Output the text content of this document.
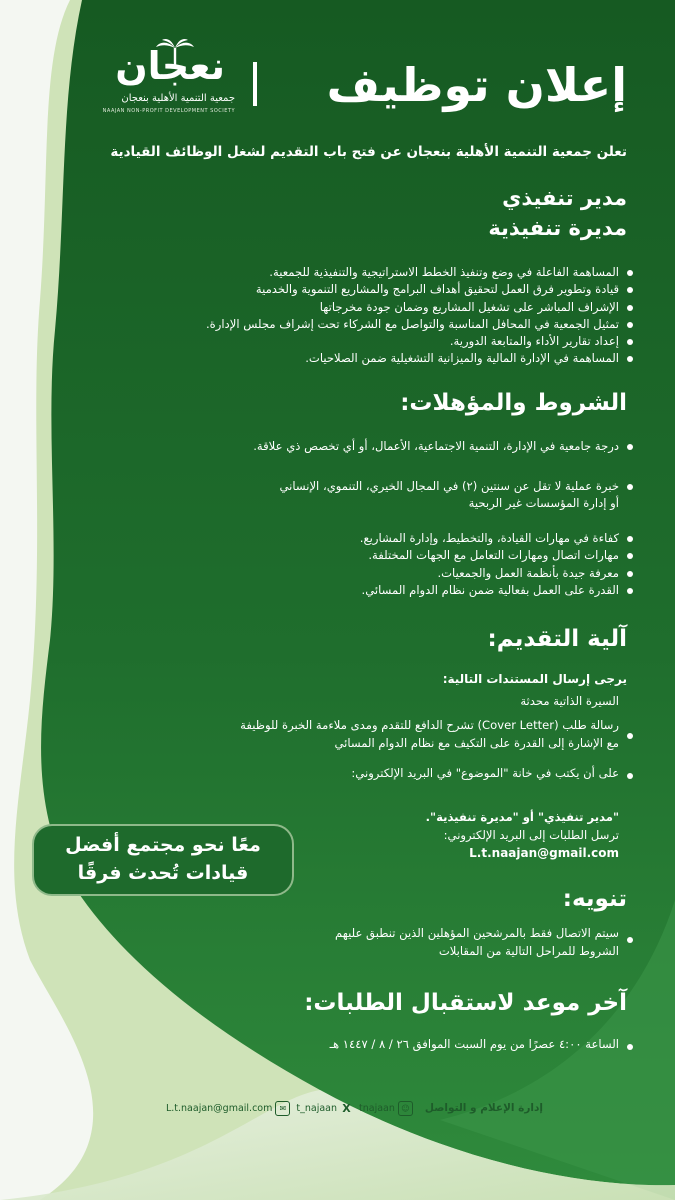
إعلان توظيف
نعجان
جمعية التنمية الأهلية بنعجان
NAAJAN NON-PROFIT DEVELOPMENT SOCIETY
تعلن جمعية التنمية الأهلية بنعجان عن فتح باب التقديم لشغل الوظائف القيادية
مدير تنفيذي
مديرة تنفيذية
المساهمة الفاعلة في وضع وتنفيذ الخطط الاستراتيجية والتنفيذية للجمعية.
قيادة وتطوير فرق العمل لتحقيق أهداف البرامج والمشاريع التنموية والخدمية
الإشراف المباشر على تشغيل المشاريع وضمان جودة مخرجاتها
تمثيل الجمعية في المحافل المناسبة والتواصل مع الشركاء تحت إشراف مجلس الإدارة.
إعداد تقارير الأداء والمتابعة الدورية.
المساهمة في الإدارة المالية والميزانية التشغيلية ضمن الصلاحيات.
الشروط والمؤهلات:
درجة جامعية في الإدارة، التنمية الاجتماعية، الأعمال، أو أي تخصص ذي علاقة.
خبرة عملية لا تقل عن سنتين (٢) في المجال الخيري، التنموي، الإنساني
أو إدارة المؤسسات غير الربحية
كفاءة في مهارات القيادة، والتخطيط، وإدارة المشاريع.
مهارات اتصال ومهارات التعامل مع الجهات المختلفة.
معرفة جيدة بأنظمة العمل والجمعيات.
القدرة على العمل بفعالية ضمن نظام الدوام المسائي.
آلية التقديم:
يرجى إرسال المستندات التالية:
السيرة الذاتية محدثة
رسالة طلب (Cover Letter) تشرح الدافع للتقدم ومدى ملاءمة الخبرة للوظيفة
مع الإشارة إلى القدرة على التكيف مع نظام الدوام المسائي
على أن يكتب في خانة "الموضوع" في البريد الإلكتروني:
"مدير تنفيذي" أو "مديرة تنفيذية".
ترسل الطلبات إلى البريد الإلكتروني:
L.t.naajan@gmail.com
معًا نحو مجتمع أفضل
قيادات تُحدث فرقًا
تنويه:
سيتم الاتصال فقط بالمرشحين المؤهلين الذين تنطبق عليهم
الشروط للمراحل التالية من المقابلات
آخر موعد لاستقبال الطلبات:
الساعة ٤:٠٠ عصرًا من يوم السبت الموافق ٢٦ / ٨ / ١٤٤٧ هـ
إدارة الإعلام و التواصل
☺
tnajaan
X
t_najaan
✉
L.t.naajan@gmail.com
